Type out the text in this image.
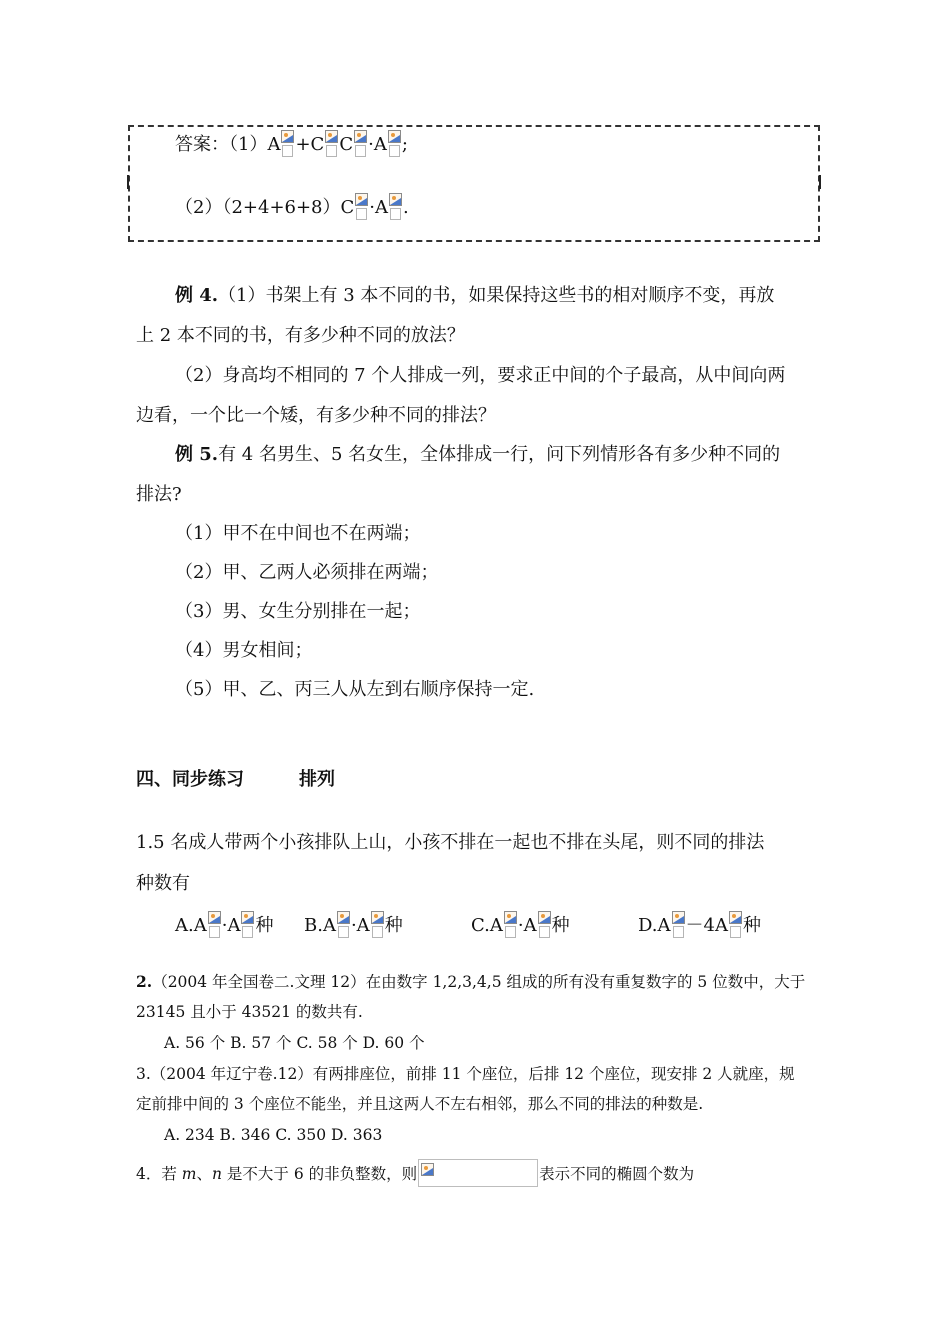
答案：（1）A +C C ·A ;
（2）（2+4+6+8）C ·A .
例 4.（1）书架上有 3 本不同的书，如果保持这些书的相对顺序不变，再放
上 2 本不同的书，有多少种不同的放法？
（2）身高均不相同的 7 个人排成一列，要求正中间的个子最高，从中间向两
边看，一个比一个矮，有多少种不同的排法？
例 5.有 4 名男生、5 名女生，全体排成一行，问下列情形各有多少种不同的
排法?
（1）甲不在中间也不在两端；
（2）甲、乙两人必须排在两端；
（3）男、女生分别排在一起；
（4）男女相间；
（5）甲、乙、丙三人从左到右顺序保持一定.
四、同步练习	排列
1.5 名成人带两个小孩排队上山，小孩不排在一起也不排在头尾，则不同的排法
种数有
A.A ·A 种 B.A ·A 种	C.A ·A 种	D.A －4A 种
2.（2004 年全国卷二.文理 12）在由数字 1,2,3,4,5 组成的所有没有重复数字的 5 位数中，大于
23145 且小于 43521 的数共有.
A. 56 个 B. 57 个 C. 58 个 D. 60 个
3.（2004 年辽宁卷.12）有两排座位，前排 11 个座位，后排 12 个座位，现安排 2 人就座，规
定前排中间的 3 个座位不能坐，并且这两人不左右相邻，那么不同的排法的种数是.
A. 234 B. 346 C. 350 D. 363
4．若 m、n 是不大于 6 的非负整数，则	表示不同的椭圆个数为
